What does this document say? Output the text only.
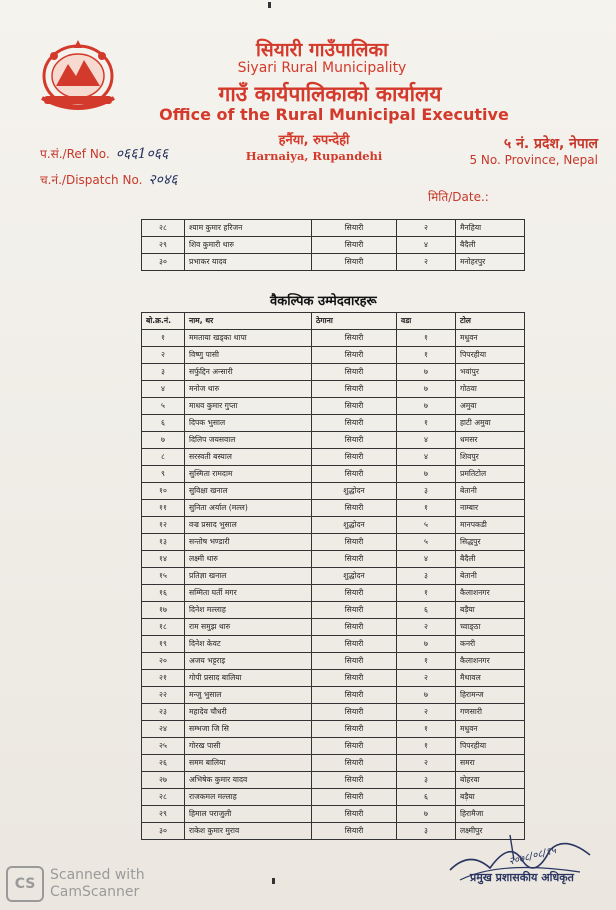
सियारी गाउँपालिका
Siyari Rural Municipality
गाउँ कार्यपालिकाको कार्यालय
Office of the Rural Municipal Executive
हर्नैया, रुपन्देही
Harnaiya, Rupandehi
प.सं./Ref No. ०६६1०६६
च.नं./Dispatch No. २०४६
५ नं. प्रदेश, नेपाल
5 No. Province, Nepal
मिति/Date.:
२८	श्याम कुमार हरिजन	सियारी	२	मैनहिया
२९	शिव कुमारी थारु	सियारी	४	बैदैली
३०	प्रभाकर यादव	सियारी	२	मनोहरपुर
वैकल्पिक उम्मेदवारहरू
बो.क्र.नं.	नाम, थर	ठेगाना	वडा	टोल
१	ममताया खड्का थापा	सियारी	१	मधुवन
२	विष्णु पासी	सियारी	१	पिपरहीया
३	सर्फुद्दिन अन्सारी	सियारी	७	भवांपुर
४	मनोज थारु	सियारी	७	गोठवा
५	माधव कुमार गुप्ता	सियारी	७	अमुवा
६	दिपक भुसाल	सियारी	१	हाटी अमुवा
७	दिलिप जयसवाल	सियारी	४	धमसर
८	सरस्वती बस्याल	सियारी	४	शिवपुर
९	सुस्मिता रामदाम	सियारी	७	प्रमतिटोल
१०	सुविक्षा खनाल	शुद्धोदन	३	बेतानी
११	सुनिता अर्याल (मल्ल)	सियारी	१	नाम्बार
१२	वज्र प्रसाद भुसाल	शुद्धोदन	५	मानपकडी
१३	सन्तोष भण्डारी	सियारी	५	सिद्धपुर
१४	लक्ष्मी थारु	सियारी	४	बैदैली
१५	प्रतिज्ञा खनाल	शुद्धोदन	३	बेतानी
१६	सम्मिता घर्ती मगर	सियारी	१	कैलाशनगर
१७	दिनेश मल्लाह	सियारी	६	बड़ैया
१८	राम समुझ थारु	सियारी	२	च्वाङ्ठा
१९	दिनेश केवट	सियारी	७	कनरी
२०	अजय भट्टराइ	सियारी	१	कैलाशनगर
२१	गोपी प्रसाद बालिया	सियारी	२	मैथावल
२२	मन्जु भुसाल	सियारी	७	हिरामन्ज
२३	महादेव चौधरी	सियारी	२	गणसारी
२४	सम्भजा जि सि	सियारी	१	मधुवन
२५	गोरख पासी	सियारी	१	पिपरहीया
२६	समम बालिया	सियारी	२	समरा
२७	अभिषेक कुमार यादव	सियारी	३	बोहरवा
२८	राजकमल मल्लाह	सियारी	६	बड़ैया
२९	हिमाल पराजुली	सियारी	७	हिरामैजा
३०	राकेश कुमार मुराव	सियारी	३	लक्ष्मीपुर
२०७८/०८/१५
प्रमुख प्रशासकीय अधिकृत
CSScanned with
CamScanner
